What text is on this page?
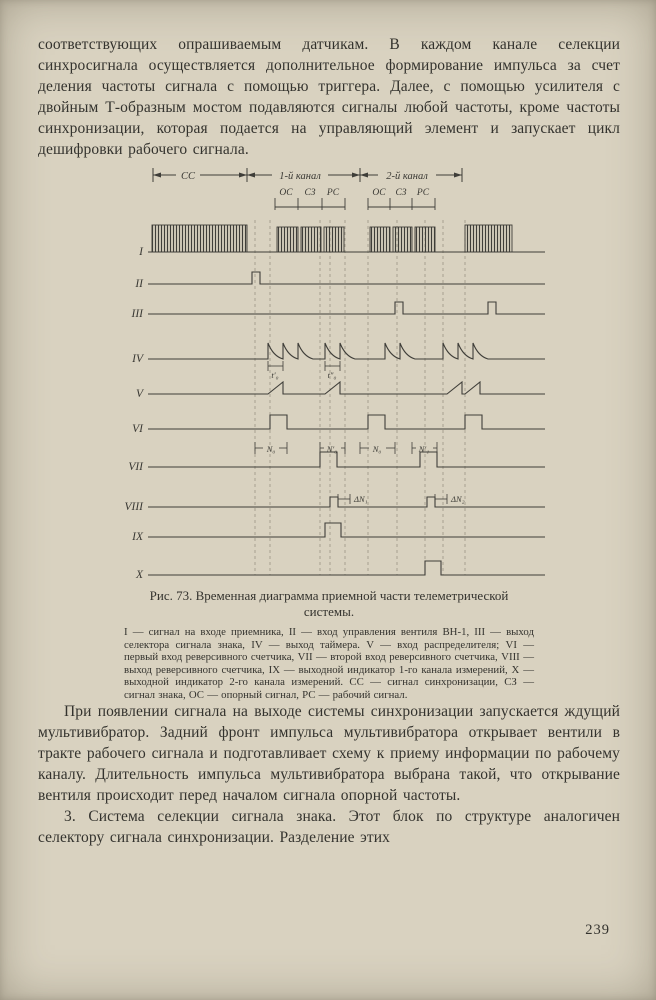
соответствующих опрашиваемым датчикам. В каждом канале селекции синхросигнала осуществляется дополнительное формирование импульса за счет деления частоты сигнала с помощью триггера. Далее, с помощью усилителя с двойным Т-образным мостом подавляются сигналы любой частоты, кроме частоты синхронизации, которая подается на управляющий элемент и запускает цикл дешифровки рабочего сигнала.

СС	1-й канал	2-й канал
ОС СЗ РС	ОС СЗ РС
I
II
III
IV
V
VI
VII
VIII
IX
X
t′₀	t″₀
N₀	N′₀	N₀	N′₁
ΔN₁	ΔN₂
Рис. 73. Временная диаграмма приемной части телеметрической системы.
I — сигнал на входе приемника, II — вход управления вентиля ВН-1, III — выход селектора сигнала знака, IV — выход таймера. V — вход распределителя; VI — первый вход реверсивного счетчика, VII — второй вход реверсивного счетчика, VIII — выход реверсивного счетчика, IX — выходной индикатор 1-го канала измерений, X — выходной индикатор 2-го канала измерений. СС — сигнал синхронизации, СЗ — сигнал знака, ОС — опорный сигнал, РС — рабочий сигнал.

При появлении сигнала на выходе системы синхронизации запускается ждущий мультивибратор. Задний фронт импульса мультивибратора открывает вентили в тракте рабочего сигнала и подготавливает схему к приему информации по рабочему каналу. Длительность импульса мультивибратора выбрана такой, что открывание вентиля происходит перед началом сигнала опорной частоты.

3. Система селекции сигнала знака. Этот блок по структуре аналогичен селектору сигнала синхронизации. Разделение этих

239
